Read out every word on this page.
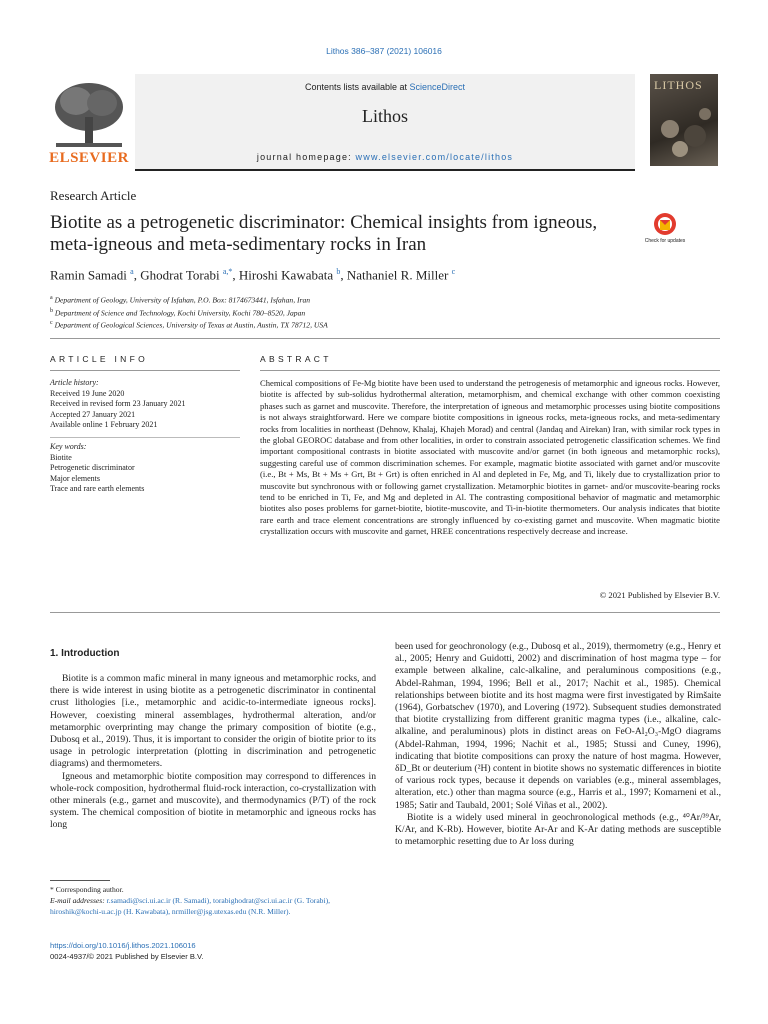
Lithos 386–387 (2021) 106016
Contents lists available at ScienceDirect
Lithos
journal homepage: www.elsevier.com/locate/lithos
ELSEVIER
LITHOS
Research Article
Biotite as a petrogenetic discriminator: Chemical insights from igneous, meta-igneous and meta-sedimentary rocks in Iran	Check for updates
Ramin Samadi $^a$, Ghodrat Torabi $^{a,*}$, Hiroshi Kawabata $^b$, Nathaniel R. Miller $^c$
$^a$ Department of Geology, University of Isfahan, P.O. Box: 8174673441, Isfahan, Iran
$^b$ Department of Science and Technology, Kochi University, Kochi 780–8520, Japan
$^c$ Department of Geological Sciences, University of Texas at Austin, Austin, TX 78712, USA
ARTICLE INFO	ABSTRACT
Article history:
Received 19 June 2020
Received in revised form 23 January 2021
Accepted 27 January 2021
Available online 1 February 2021
Key words:
Biotite
Petrogenetic discriminator
Major elements
Trace and rare earth elements
Chemical compositions of Fe-Mg biotite have been used to understand the petrogenesis of metamorphic and igneous rocks. However, biotite is affected by sub-solidus hydrothermal alteration, metamorphism, and chemical exchange with other common coexisting phases such as garnet and muscovite. Therefore, the interpretation of igneous and metamorphic processes using biotite compositions is not always straightforward. Here we compare biotite compositions in igneous rocks, meta-igneous rocks, and meta-sedimentary rocks from localities in northeast (Dehnow, Khalaj, Khajeh Morad) and central (Jandaq and Airekan) Iran, with similar rock types in the global GEOROC database and from other localities, in order to constrain associated petrogenetic classification schemes. We find important compositional contrasts in biotite associated with muscovite and/or garnet (in both igneous and metamorphic rocks), suggesting careful use of common discrimination schemes. For example, magmatic biotite associated with garnet and/or muscovite (i.e., Bt + Ms, Bt + Ms + Grt, Bt + Grt) is often enriched in Al and depleted in Fe, Mg, and Ti, likely due to crystallization prior to muscovite but synchronous with or following garnet crystallization. Metamorphic biotites in garnet- and/or muscovite-bearing rocks tend to be enriched in Ti, Fe, and Mg and depleted in Al. The contrasting compositional behavior of magmatic and metamorphic biotites also poses problems for garnet-biotite, biotite-muscovite, and Ti-in-biotite thermometers. Our analysis indicates that biotite rare earth and trace element concentrations are strongly influenced by co-existing garnet and muscovite. When magmatic biotite crystallization occurs with muscovite and garnet, HREE concentrations respectively decrease and increase.
© 2021 Published by Elsevier B.V.
1. Introduction

Biotite is a common mafic mineral in many igneous and metamorphic rocks, and there is wide interest in using biotite as a petrogenetic discriminator in continental crust lithologies [i.e., metamorphic and acidic-to-intermediate igneous rocks]. However, coexisting mineral assemblages, hydrothermal alteration, and/or metamorphic overprinting may change the primary composition of biotite (e.g., Dubosq et al., 2019). Thus, it is important to consider the origin of biotite prior to its usage in petrologic interpretation (plotting in discrimination and petrogenetic diagrams) and thermometers.

Igneous and metamorphic biotite composition may correspond to differences in whole-rock composition, hydrothermal fluid-rock interaction, co-crystallization with other minerals (e.g., garnet and muscovite), and thermodynamics (P/T) of the rock system. The chemical composition of biotite in metamorphic and igneous rocks has long

been used for geochronology (e.g., Dubosq et al., 2019), thermometry (e.g., Henry et al., 2005; Henry and Guidotti, 2002) and discrimination of host magma type – for example between alkaline, calc-alkaline, and peraluminous compositions (e.g., Abdel-Rahman, 1994, 1996; Bell et al., 2017; Nachit et al., 1985). Chemical relationships between biotite and its host magma were first investigated by Rimšaite (1964), Gorbatschev (1970), and Lovering (1972). Subsequent studies demonstrated that biotite crystallizing from different granitic magma types (i.e., alkaline, calc-alkaline, and peraluminous) plots in distinct areas on FeO-Al₂O₃-MgO diagrams (Abdel-Rahman, 1994, 1996; Nachit et al., 1985; Stussi and Cuney, 1996), indicating that biotite compositions can proxy the nature of host magma. However, δD_Bt or deuterium (²H) content in biotite shows no systematic differences in biotite of various rock types, because it depends on variables (e.g., mineral assemblages, alteration, etc.) other than magma source (e.g., Harris et al., 1997; Komarneni et al., 1985; Satir and Taubald, 2001; Solé Viñas et al., 2002).

Biotite is a widely used mineral in geochronological methods (e.g., ⁴⁰Ar/³⁹Ar, K/Ar, and K-Rb). However, biotite Ar-Ar and K-Ar dating methods are susceptible to metamorphic resetting due to Ar loss during

* Corresponding author.
E-mail addresses: r.samadi@sci.ui.ac.ir (R. Samadi), torabighodrat@sci.ui.ac.ir (G. Torabi), hiroshik@kochi-u.ac.jp (H. Kawabata), nrmiller@jsg.utexas.edu (N.R. Miller).
https://doi.org/10.1016/j.lithos.2021.106016
0024-4937/© 2021 Published by Elsevier B.V.
